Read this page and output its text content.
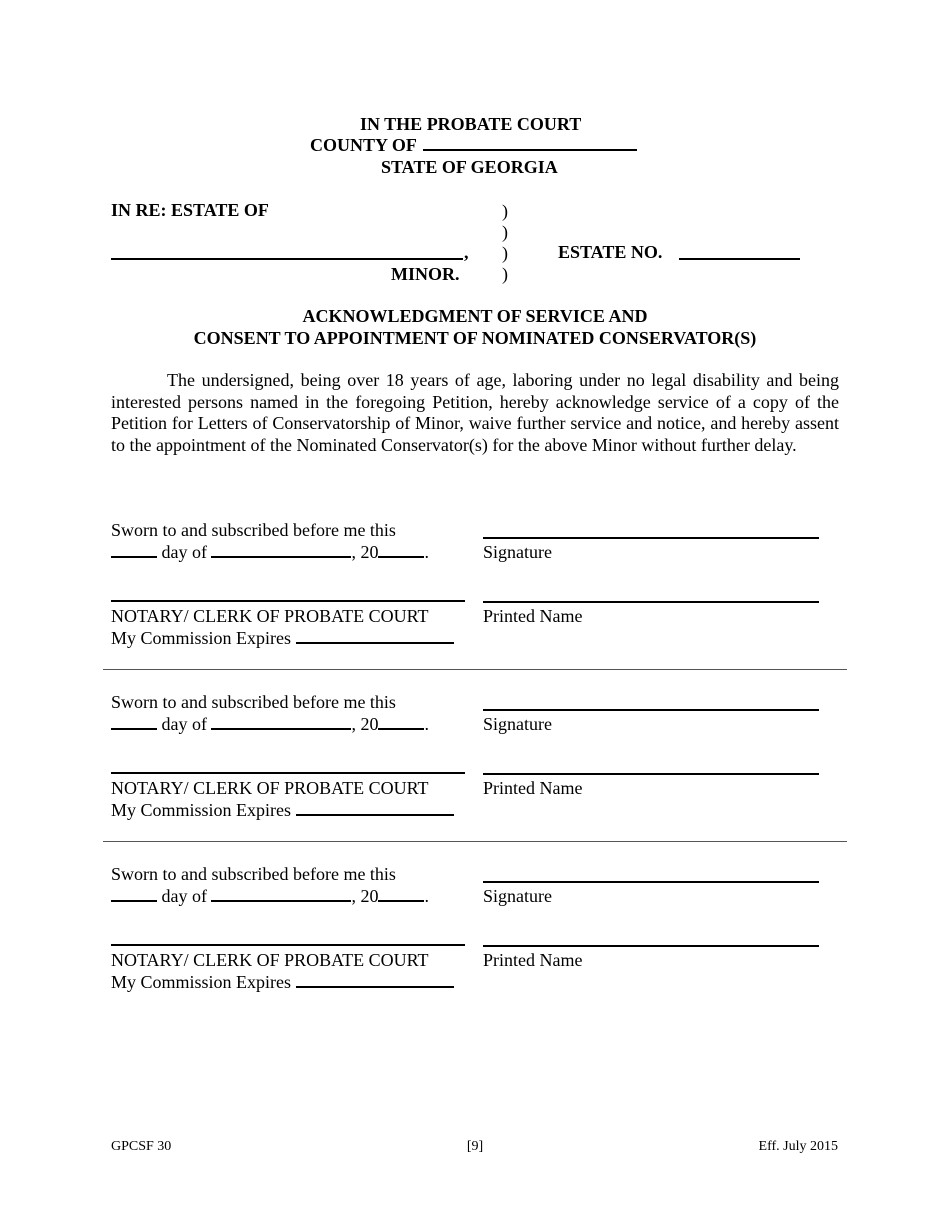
IN THE PROBATE COURT
COUNTY OF
STATE OF GEORGIA
IN RE: ESTATE OF	)
)
)
)
,
MINOR.
ESTATE NO.
ACKNOWLEDGMENT OF SERVICE AND
CONSENT TO APPOINTMENT OF NOMINATED CONSERVATOR(S)
The undersigned, being over 18 years of age, laboring under no legal disability and being interested persons named in the foregoing Petition, hereby acknowledge service of a copy of the Petition for Letters of Conservatorship of Minor, waive further service and notice, and hereby assent to the appointment of the Nominated Conservator(s) for the above Minor without further delay.
Sworn to and subscribed before me this
day of	, 20	.	Signature
NOTARY/ CLERK OF PROBATE COURT
My Commission Expires
Printed Name
Sworn to and subscribed before me this
day of	, 20	.	Signature
NOTARY/ CLERK OF PROBATE COURT
My Commission Expires
Printed Name
Sworn to and subscribed before me this
day of	, 20	.	Signature
NOTARY/ CLERK OF PROBATE COURT
My Commission Expires
Printed Name
GPCSF 30	[9]	Eff. July 2015
